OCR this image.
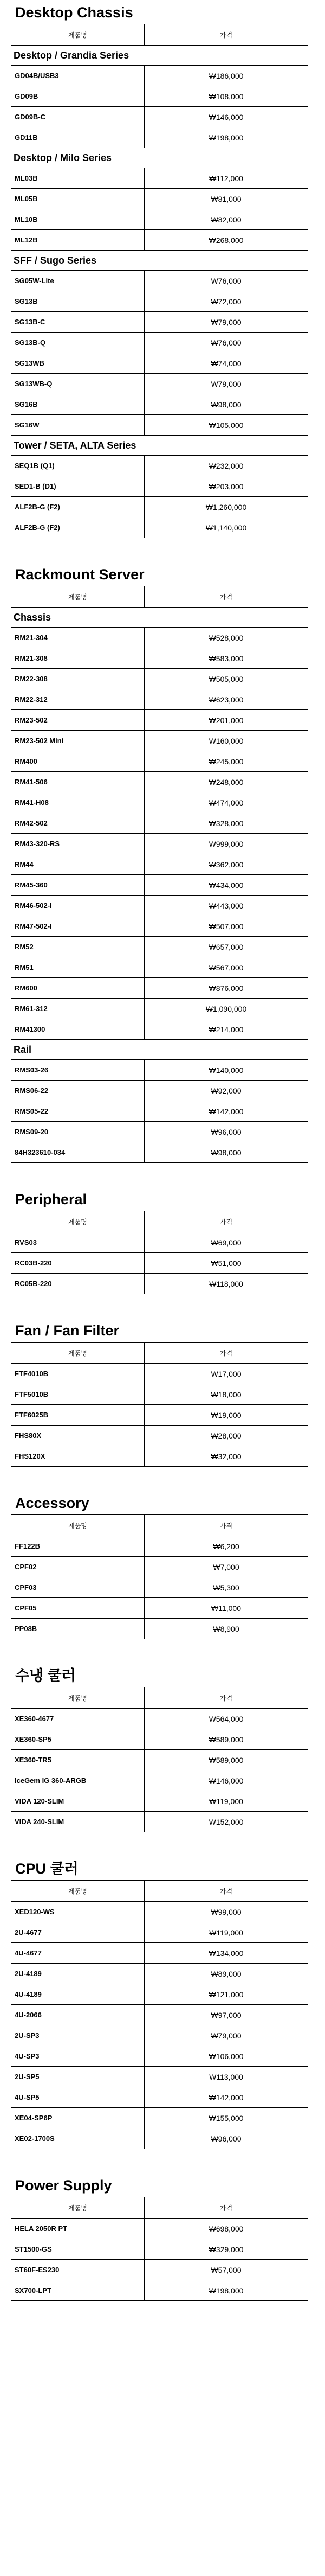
Desktop Chassis
제품명	가격
Desktop / Grandia Series	
GD04B/USB3	₩186,000
GD09B	₩108,000
GD09B-C	₩146,000
GD11B	₩198,000
Desktop / Milo Series	
ML03B	₩112,000
ML05B	₩81,000
ML10B	₩82,000
ML12B	₩268,000
SFF / Sugo Series	
SG05W-Lite	₩76,000
SG13B	₩72,000
SG13B-C	₩79,000
SG13B-Q	₩76,000
SG13WB	₩74,000
SG13WB-Q	₩79,000
SG16B	₩98,000
SG16W	₩105,000
Tower / SETA, ALTA Series	
SEQ1B (Q1)	₩232,000
SED1-B (D1)	₩203,000
ALF2B-G (F2)	₩1,260,000
ALF2B-G (F2)	₩1,140,000
Rackmount Server
제품명	가격
Chassis	
RM21-304	₩528,000
RM21-308	₩583,000
RM22-308	₩505,000
RM22-312	₩623,000
RM23-502	₩201,000
RM23-502 Mini	₩160,000
RM400	₩245,000
RM41-506	₩248,000
RM41-H08	₩474,000
RM42-502	₩328,000
RM43-320-RS	₩999,000
RM44	₩362,000
RM45-360	₩434,000
RM46-502-I	₩443,000
RM47-502-I	₩507,000
RM52	₩657,000
RM51	₩567,000
RM600	₩876,000
RM61-312	₩1,090,000
RM41300	₩214,000
Rail	
RMS03-26	₩140,000
RMS06-22	₩92,000
RMS05-22	₩142,000
RMS09-20	₩96,000
84H323610-034	₩98,000
Peripheral
제품명	가격
RVS03	₩69,000
RC03B-220	₩51,000
RC05B-220	₩118,000
Fan / Fan Filter
제품명	가격
FTF4010B	₩17,000
FTF5010B	₩18,000
FTF6025B	₩19,000
FHS80X	₩28,000
FHS120X	₩32,000
Accessory
제품명	가격
FF122B	₩6,200
CPF02	₩7,000
CPF03	₩5,300
CPF05	₩11,000
PP08B	₩8,900
수냉 쿨러
제품명	가격
XE360-4677	₩564,000
XE360-SP5	₩589,000
XE360-TR5	₩589,000
IceGem IG 360-ARGB	₩146,000
VIDA 120-SLIM	₩119,000
VIDA 240-SLIM	₩152,000
CPU 쿨러
제품명	가격
XED120-WS	₩99,000
2U-4677	₩119,000
4U-4677	₩134,000
2U-4189	₩89,000
4U-4189	₩121,000
4U-2066	₩97,000
2U-SP3	₩79,000
4U-SP3	₩106,000
2U-SP5	₩113,000
4U-SP5	₩142,000
XE04-SP6P	₩155,000
XE02-1700S	₩96,000
Power Supply
제품명	가격
HELA 2050R PT	₩698,000
ST1500-GS	₩329,000
ST60F-ES230	₩57,000
SX700-LPT	₩198,000
